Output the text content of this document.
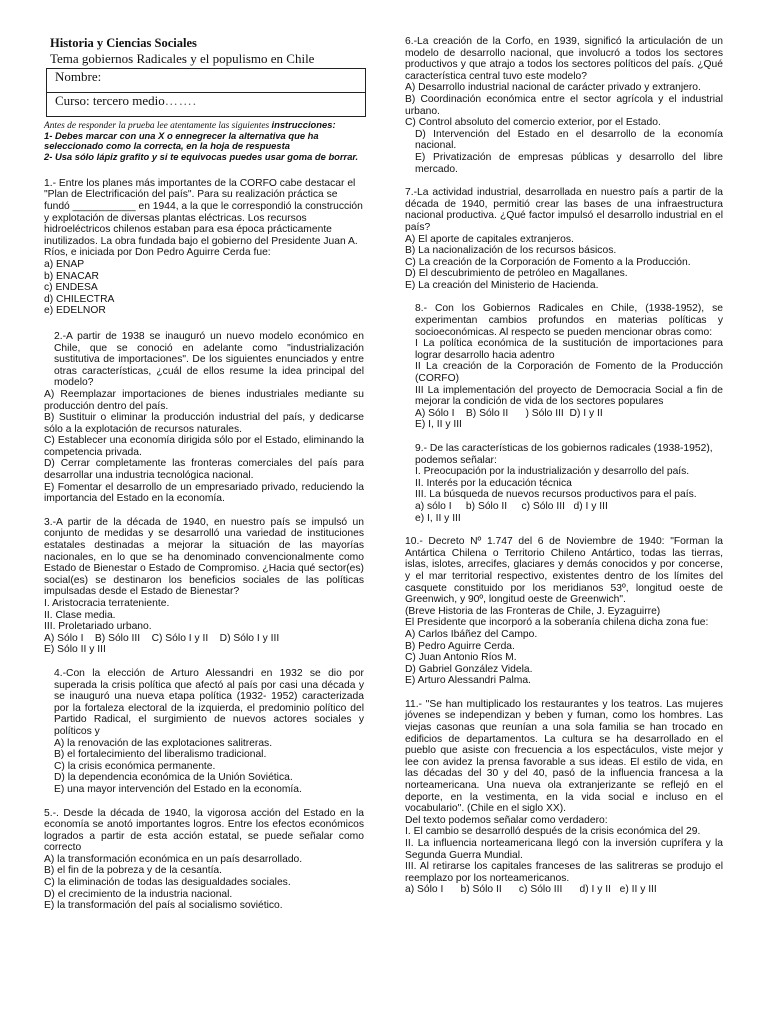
Historia y Ciencias Sociales
Tema gobiernos Radicales y el populismo en Chile
Nombre:
Curso: tercero medio…….
Antes de responder la prueba lee atentamente las siguientes instrucciones:
1- Debes marcar con una X o ennegrecer la alternativa que ha seleccionado como la correcta, en la hoja de respuesta
2- Usa sólo lápiz grafito y si te equivocas puedes usar goma de borrar.

1.- Entre los planes más importantes de la CORFO cabe destacar el "Plan de Electrificación del país". Para su realización práctica se fundó ___________ en 1944, a la que le correspondió la construcción y explotación de diversas plantas eléctricas. Los recursos hidroeléctricos chilenos estaban para esa época prácticamente inutilizados. La obra fundada bajo el gobierno del Presidente Juan A. Ríos, e iniciada por Don Pedro Aguirre Cerda fue:

a) ENAP

b) ENACAR

c) ENDESA

d) CHILECTRA

e) EDELNOR

2.-A partir de 1938 se inauguró un nuevo modelo económico en Chile, que se conoció en adelante como "industrialización sustitutiva de importaciones". De los siguientes enunciados y entre otras características, ¿cuál de ellos resume la idea principal del modelo?

A) Reemplazar importaciones de bienes industriales mediante su producción dentro del país.

B) Sustituir o eliminar la producción industrial del país, y dedicarse sólo a la explotación de recursos naturales.

C) Establecer una economía dirigida sólo por el Estado, eliminando la competencia privada.

D) Cerrar completamente las fronteras comerciales del país para desarrollar una industria tecnológica nacional.

E) Fomentar el desarrollo de un empresariado privado, reduciendo la importancia del Estado en la economía.

3.-A partir de la década de 1940, en nuestro país se impulsó un conjunto de medidas y se desarrolló una variedad de instituciones estatales destinadas a mejorar la situación de las mayorías nacionales, en lo que se ha denominado convencionalmente como Estado de Bienestar o Estado de Compromiso. ¿Hacia qué sector(es) social(es) se destinaron los beneficios sociales de las políticas impulsadas desde el Estado de Bienestar?

I. Aristocracia terrateniente.

II. Clase media.

III. Proletariado urbano.

A) Sólo I    B) Sólo III    C) Sólo I y II    D) Sólo I y III

E) Sólo II y III

4.-Con la elección de Arturo Alessandri en 1932 se dio por superada la crisis política que afectó al país por casi una década y se inauguró una nueva etapa política (1932- 1952) caracterizada por la fortaleza electoral de la izquierda, el predominio político del Partido Radical, el surgimiento de nuevos actores sociales y políticos y

A) la renovación de las explotaciones salitreras.

B) el fortalecimiento del liberalismo tradicional.

C) la crisis económica permanente.

D) la dependencia económica de la Unión Soviética.

E) una mayor intervención del Estado en la economía.

5.-. Desde la década de 1940, la vigorosa acción del Estado en la economía se anotó importantes logros. Entre los efectos económicos logrados a partir de esta acción estatal, se puede señalar como correcto

A) la transformación económica en un país desarrollado.

B) el fin de la pobreza y de la cesantía.

C) la eliminación de todas las desigualdades sociales.

D) el crecimiento de la industria nacional.

E) la transformación del país al socialismo soviético.

6.-La creación de la Corfo, en 1939, significó la articulación de un modelo de desarrollo nacional, que involucró a todos los sectores productivos y que atrajo a todos los sectores políticos del país. ¿Qué característica central tuvo este modelo?

A) Desarrollo industrial nacional de carácter privado y extranjero.

B) Coordinación económica entre el sector agrícola y el industrial urbano.

C) Control absoluto del comercio exterior, por el Estado.

D) Intervención del Estado en el desarrollo de la economía nacional.

E) Privatización de empresas públicas y desarrollo del libre mercado.

7.-La actividad industrial, desarrollada en nuestro país a partir de la década de 1940, permitió crear las bases de una infraestructura nacional productiva. ¿Qué factor impulsó el desarrollo industrial en el país?

A) El aporte de capitales extranjeros.

B) La nacionalización de los recursos básicos.

C) La creación de la Corporación de Fomento a la Producción.

D) El descubrimiento de petróleo en Magallanes.

E) La creación del Ministerio de Hacienda.

8.- Con los Gobiernos Radicales en Chile, (1938-1952), se experimentan cambios profundos en materias políticas y socioeconómicas. Al respecto se pueden mencionar obras como:

I La política económica de la sustitución de importaciones para lograr desarrollo hacia adentro

II La creación de la Corporación de Fomento de la Producción (CORFO)

III La implementación del proyecto de Democracia Social a fin de mejorar la condición de vida de los sectores populares

A) Sólo I    B) Sólo II      ) Sólo III  D) I y II

E) I, II y III

9.- De las características de los gobiernos radicales (1938-1952), podemos señalar:

I. Preocupación por la industrialización y desarrollo del país.

II. Interés por la educación técnica

III. La búsqueda de nuevos recursos productivos para el país.

a) sólo I     b) Sólo II     c) Sólo III   d) I y III

e) I, II y III

10.- Decreto Nº 1.747 del 6 de Noviembre de 1940: "Forman la Antártica Chilena o Territorio Chileno Antártico, todas las tierras, islas, islotes, arrecifes, glaciares y demás conocidos y por concerse, y el mar territorial respectivo, existentes dentro de los límites del casquete constituido por los meridianos 53º, longitud oeste de Greenwich, y 90º, longitud oeste de Greenwich".

(Breve Historia de las Fronteras de Chile, J. Eyzaguirre)

El Presidente que incorporó a la soberanía chilena dicha zona fue:

A) Carlos Ibáñez del Campo.

B) Pedro Aguirre Cerda.

C) Juan Antonio Ríos M.

D) Gabriel González Videla.

E) Arturo Alessandri Palma.

11.- "Se han multiplicado los restaurantes y los teatros. Las mujeres jóvenes se independizan y beben y fuman, como los hombres. Las viejas casonas que reunían a una sola familia se han trocado en edificios de departamentos. La cultura se ha desarrollado en el pueblo que asiste con frecuencia a los espectáculos, viste mejor y lee con avidez la prensa favorable a sus ideas. El estilo de vida, en las décadas del 30 y del 40, pasó de la influencia francesa a la norteamericana. Una nueva ola extranjerizante se reflejó en el deporte, en la vestimenta, en la vida social e incluso en el vocabulario". (Chile en el siglo XX).

Del texto podemos señalar como verdadero:

I. El cambio se desarrolló después de la crisis económica del 29.

II. La influencia norteamericana llegó con la inversión cuprífera y la Segunda Guerra Mundial.

III. Al retirarse los capitales franceses de las salitreras se produjo el reemplazo por los norteamericanos.

a) Sólo I      b) Sólo II      c) Sólo III      d) I y II   e) II y III
